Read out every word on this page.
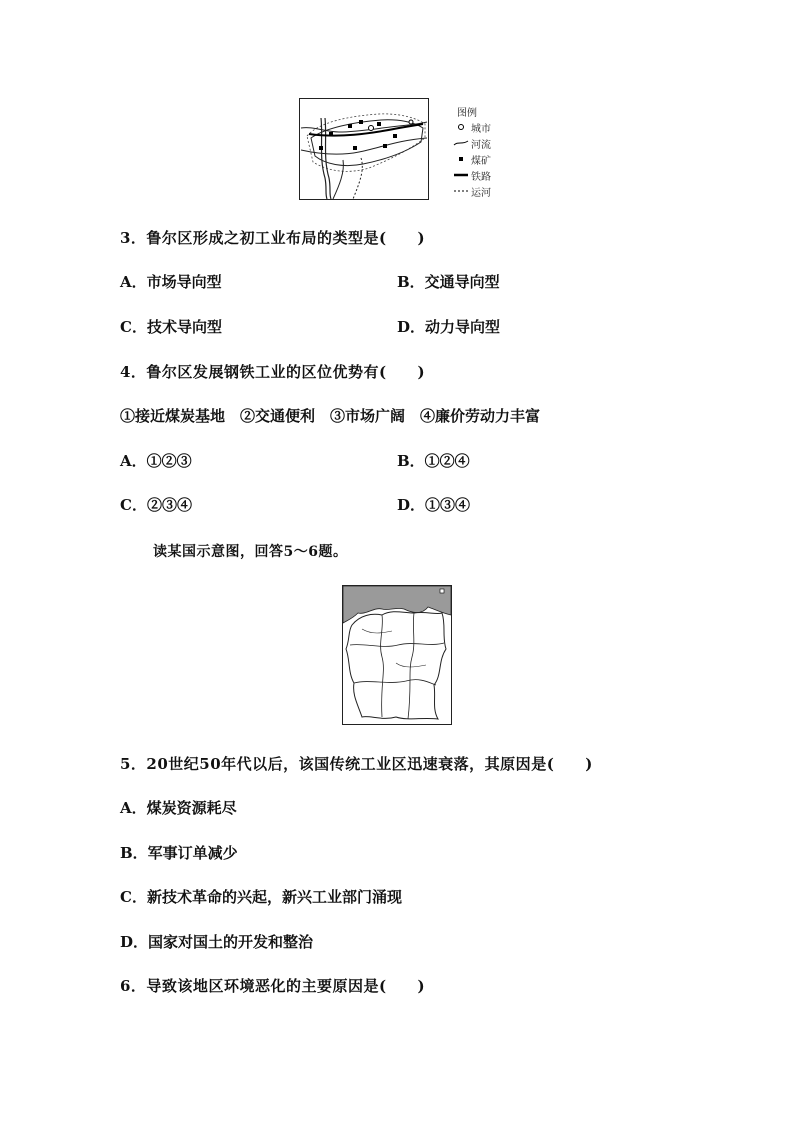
图例
城市
河流
煤矿
铁路
运河
3．鲁尔区形成之初工业布局的类型是(　　)
A．市场导向型	B．交通导向型
C．技术导向型	D．动力导向型
4．鲁尔区发展钢铁工业的区位优势有(　　)
①接近煤炭基地　②交通便利　③市场广阔　④廉价劳动力丰富
A．①②③	B．①②④
C．②③④	D．①③④
读某国示意图，回答5～6题。
5．20世纪50年代以后，该国传统工业区迅速衰落，其原因是(　　)
A．煤炭资源耗尽
B．军事订单减少
C．新技术革命的兴起，新兴工业部门涌现
D．国家对国土的开发和整治
6．导致该地区环境恶化的主要原因是(　　)
